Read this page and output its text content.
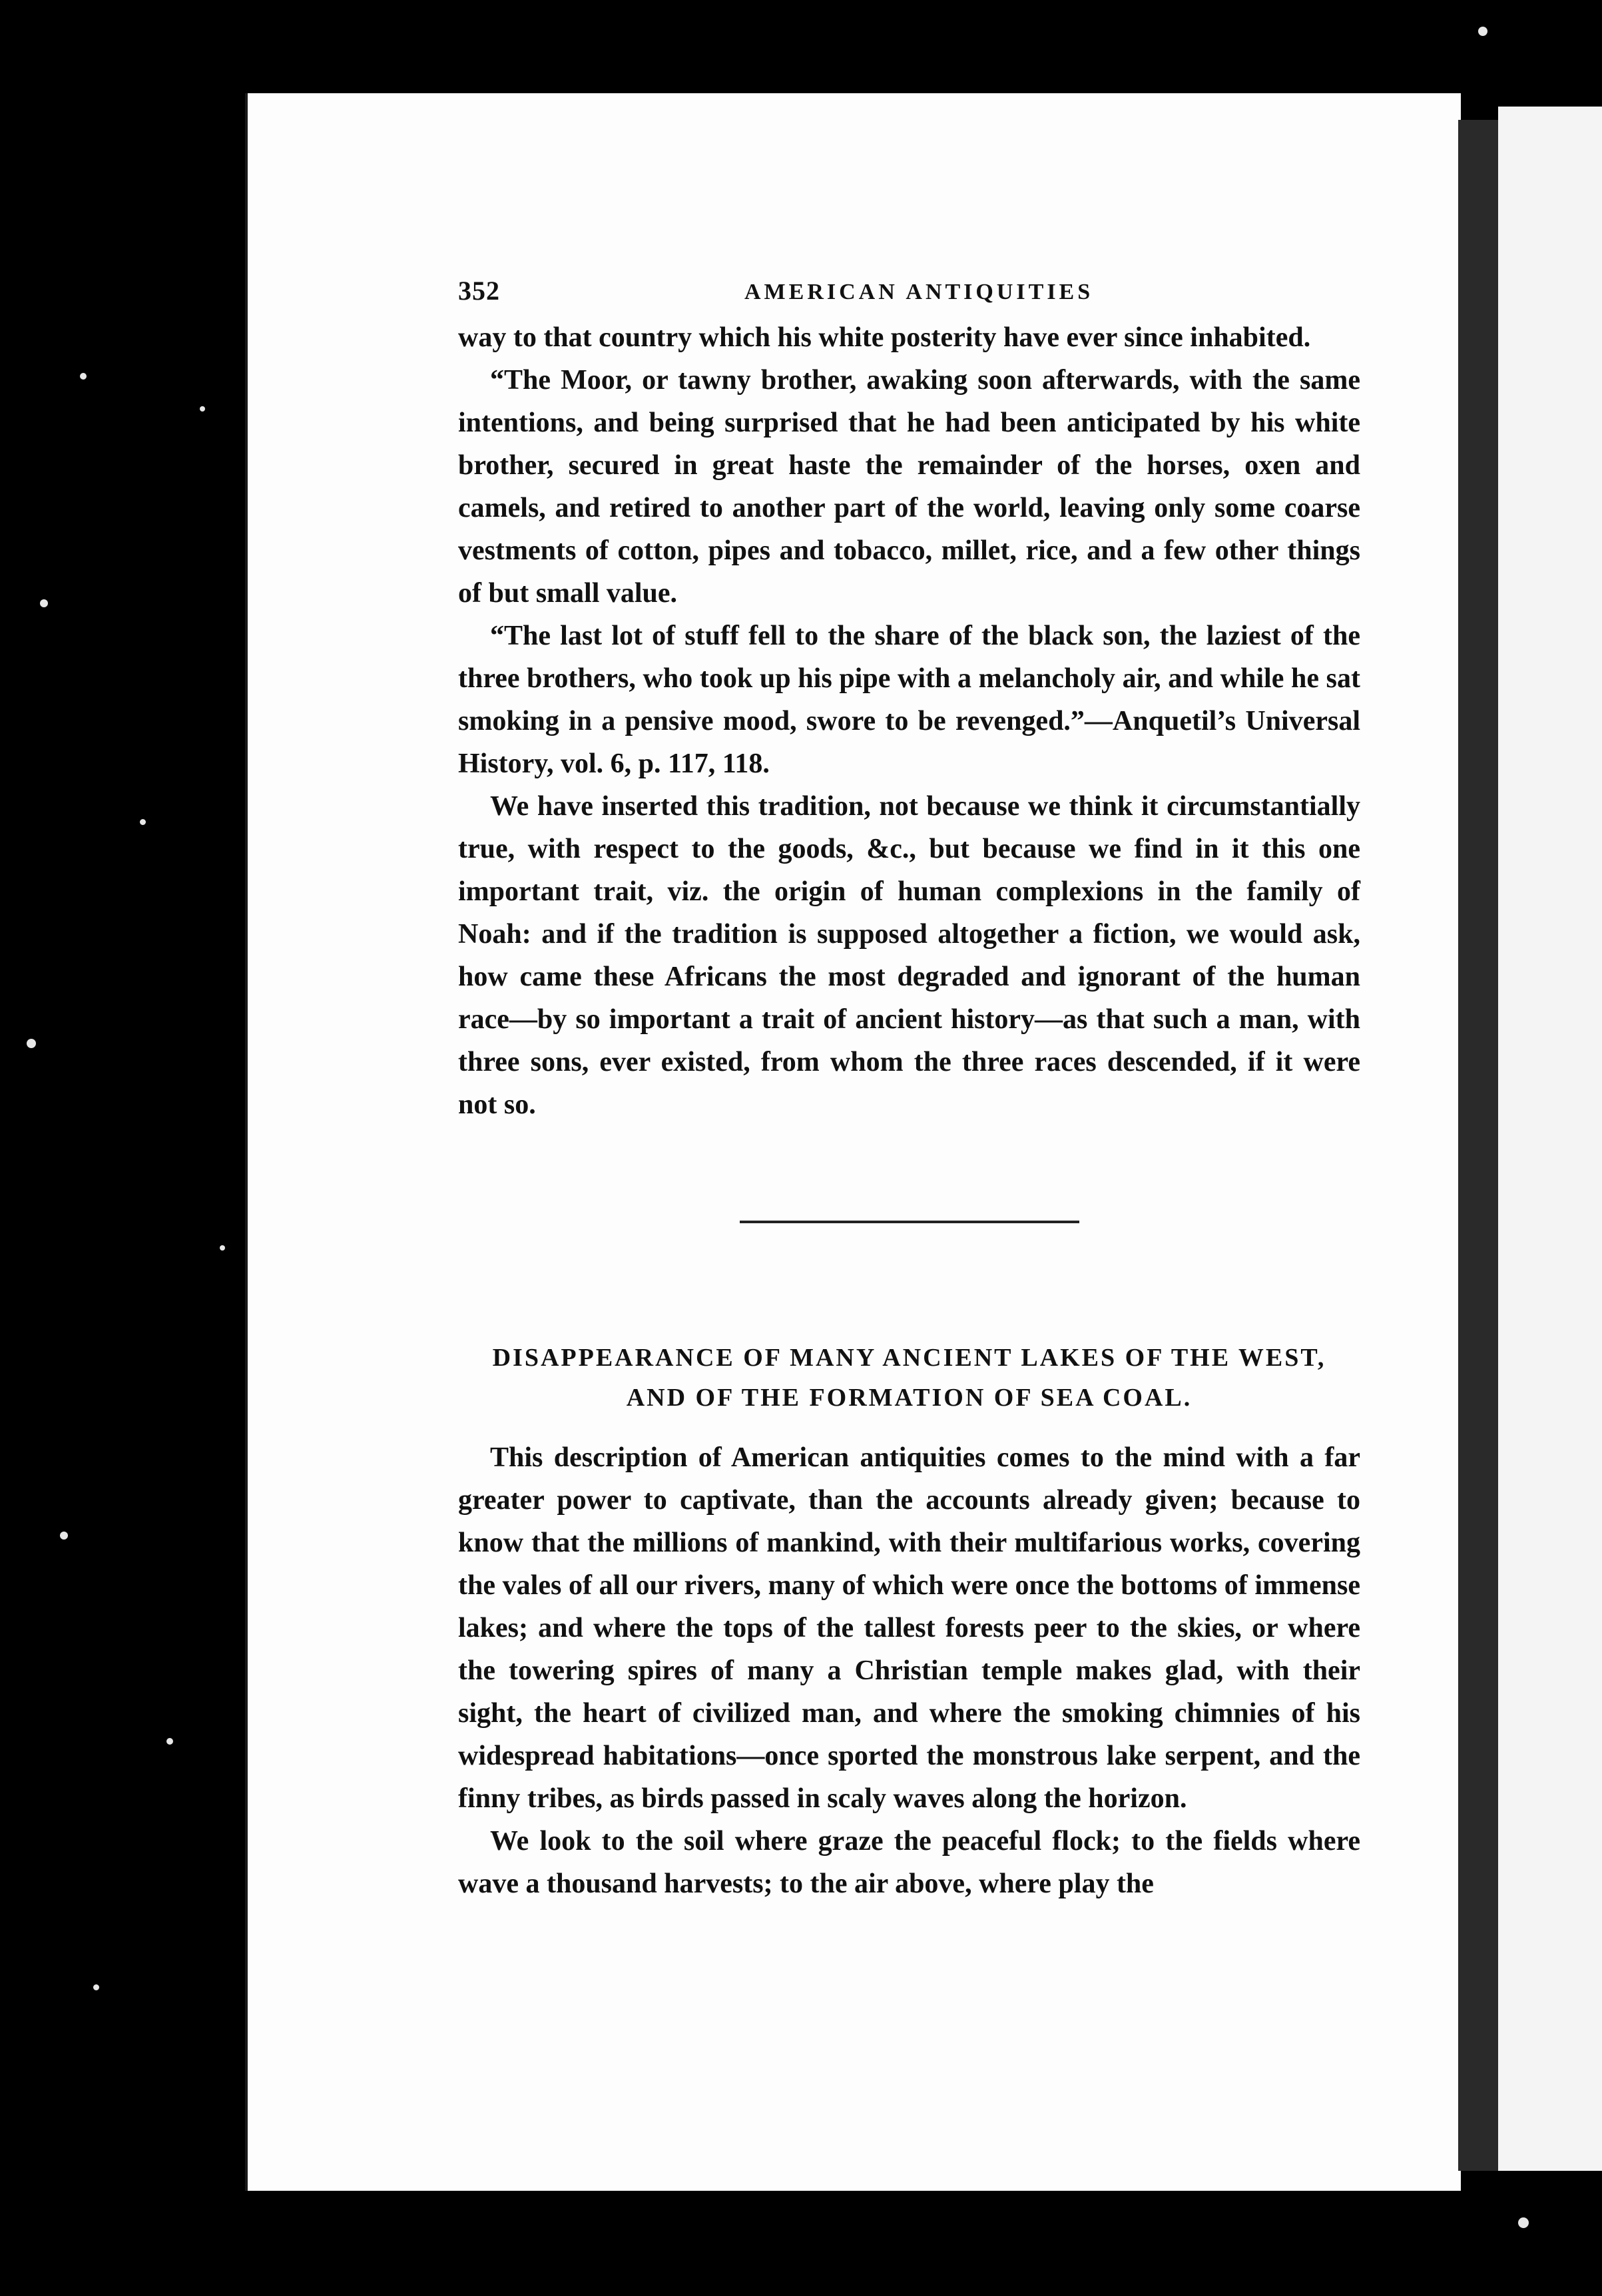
352	AMERICAN ANTIQUITIES

way to that country which his white posterity have ever since inhabited.

“The Moor, or tawny brother, awaking soon afterwards, with the same intentions, and being surprised that he had been anticipated by his white brother, secured in great haste the remainder of the horses, oxen and camels, and retired to another part of the world, leaving only some coarse vestments of cotton, pipes and tobacco, millet, rice, and a few other things of but small value.

“The last lot of stuff fell to the share of the black son, the laziest of the three brothers, who took up his pipe with a melancholy air, and while he sat smoking in a pensive mood, swore to be revenged.”—Anquetil’s Universal History, vol. 6, p. 117, 118.

We have inserted this tradition, not because we think it circumstantially true, with respect to the goods, &c., but because we find in it this one important trait, viz. the origin of human complexions in the family of Noah: and if the tradition is supposed altogether a fiction, we would ask, how came these Africans the most degraded and ignorant of the human race—by so important a trait of ancient history—as that such a man, with three sons, ever existed, from whom the three races descended, if it were not so.

DISAPPEARANCE OF MANY ANCIENT LAKES OF THE WEST,
AND OF THE FORMATION OF SEA COAL.

This description of American antiquities comes to the mind with a far greater power to captivate, than the accounts already given; because to know that the millions of mankind, with their multifarious works, covering the vales of all our rivers, many of which were once the bottoms of immense lakes; and where the tops of the tallest forests peer to the skies, or where the towering spires of many a Christian temple makes glad, with their sight, the heart of civilized man, and where the smoking chimnies of his widespread habitations—once sported the monstrous lake serpent, and the finny tribes, as birds passed in scaly waves along the horizon.

We look to the soil where graze the peaceful flock; to the fields where wave a thousand harvests; to the air above, where play the
